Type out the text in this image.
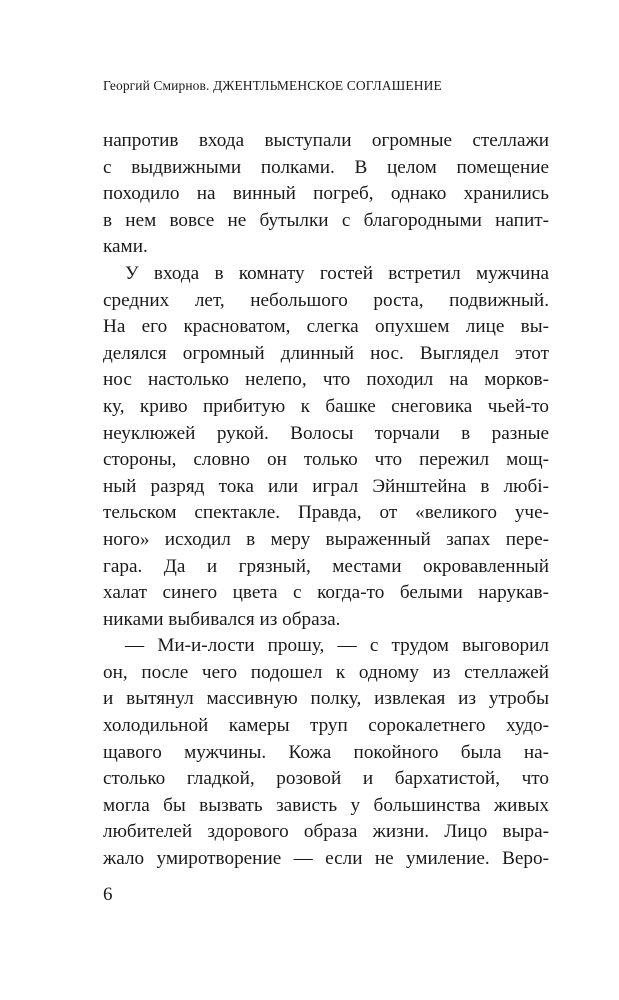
Георгий Смирнов. ДЖЕНТЛЬМЕНСКОЕ СОГЛАШЕНИЕ
напротив входа выступали огромные стеллажи
с выдвижными полками. В целом помещение
походило на винный погреб, однако хранились
в нем вовсе не бутылки с благородными напит-
ками.
У входа в комнату гостей встретил мужчина
средних лет, небольшого роста, подвижный.
На его красноватом, слегка опухшем лице вы-
делялся огромный длинный нос. Выглядел этот
нос настолько нелепо, что походил на морков-
ку, криво прибитую к башке снеговика чьей-то
неуклюжей рукой. Волосы торчали в разные
стороны, словно он только что пережил мощ-
ный разряд тока или играл Эйнштейна в любі-
тельском спектакле. Правда, от «великого уче-
ного» исходил в меру выраженный запах пере-
гара. Да и грязный, местами окровавленный
халат синего цвета с когда-то белыми нарукав-
никами выбивался из образа.
— Ми-и-лости прошу, — с трудом выговорил
он, после чего подошел к одному из стеллажей
и вытянул массивную полку, извлекая из утробы
холодильной камеры труп сорокалетнего худо-
щавого мужчины. Кожа покойного была на-
столько гладкой, розовой и бархатистой, что
могла бы вызвать зависть у большинства живых
любителей здорового образа жизни. Лицо выра-
жало умиротворение — если не умиление. Веро-
6
